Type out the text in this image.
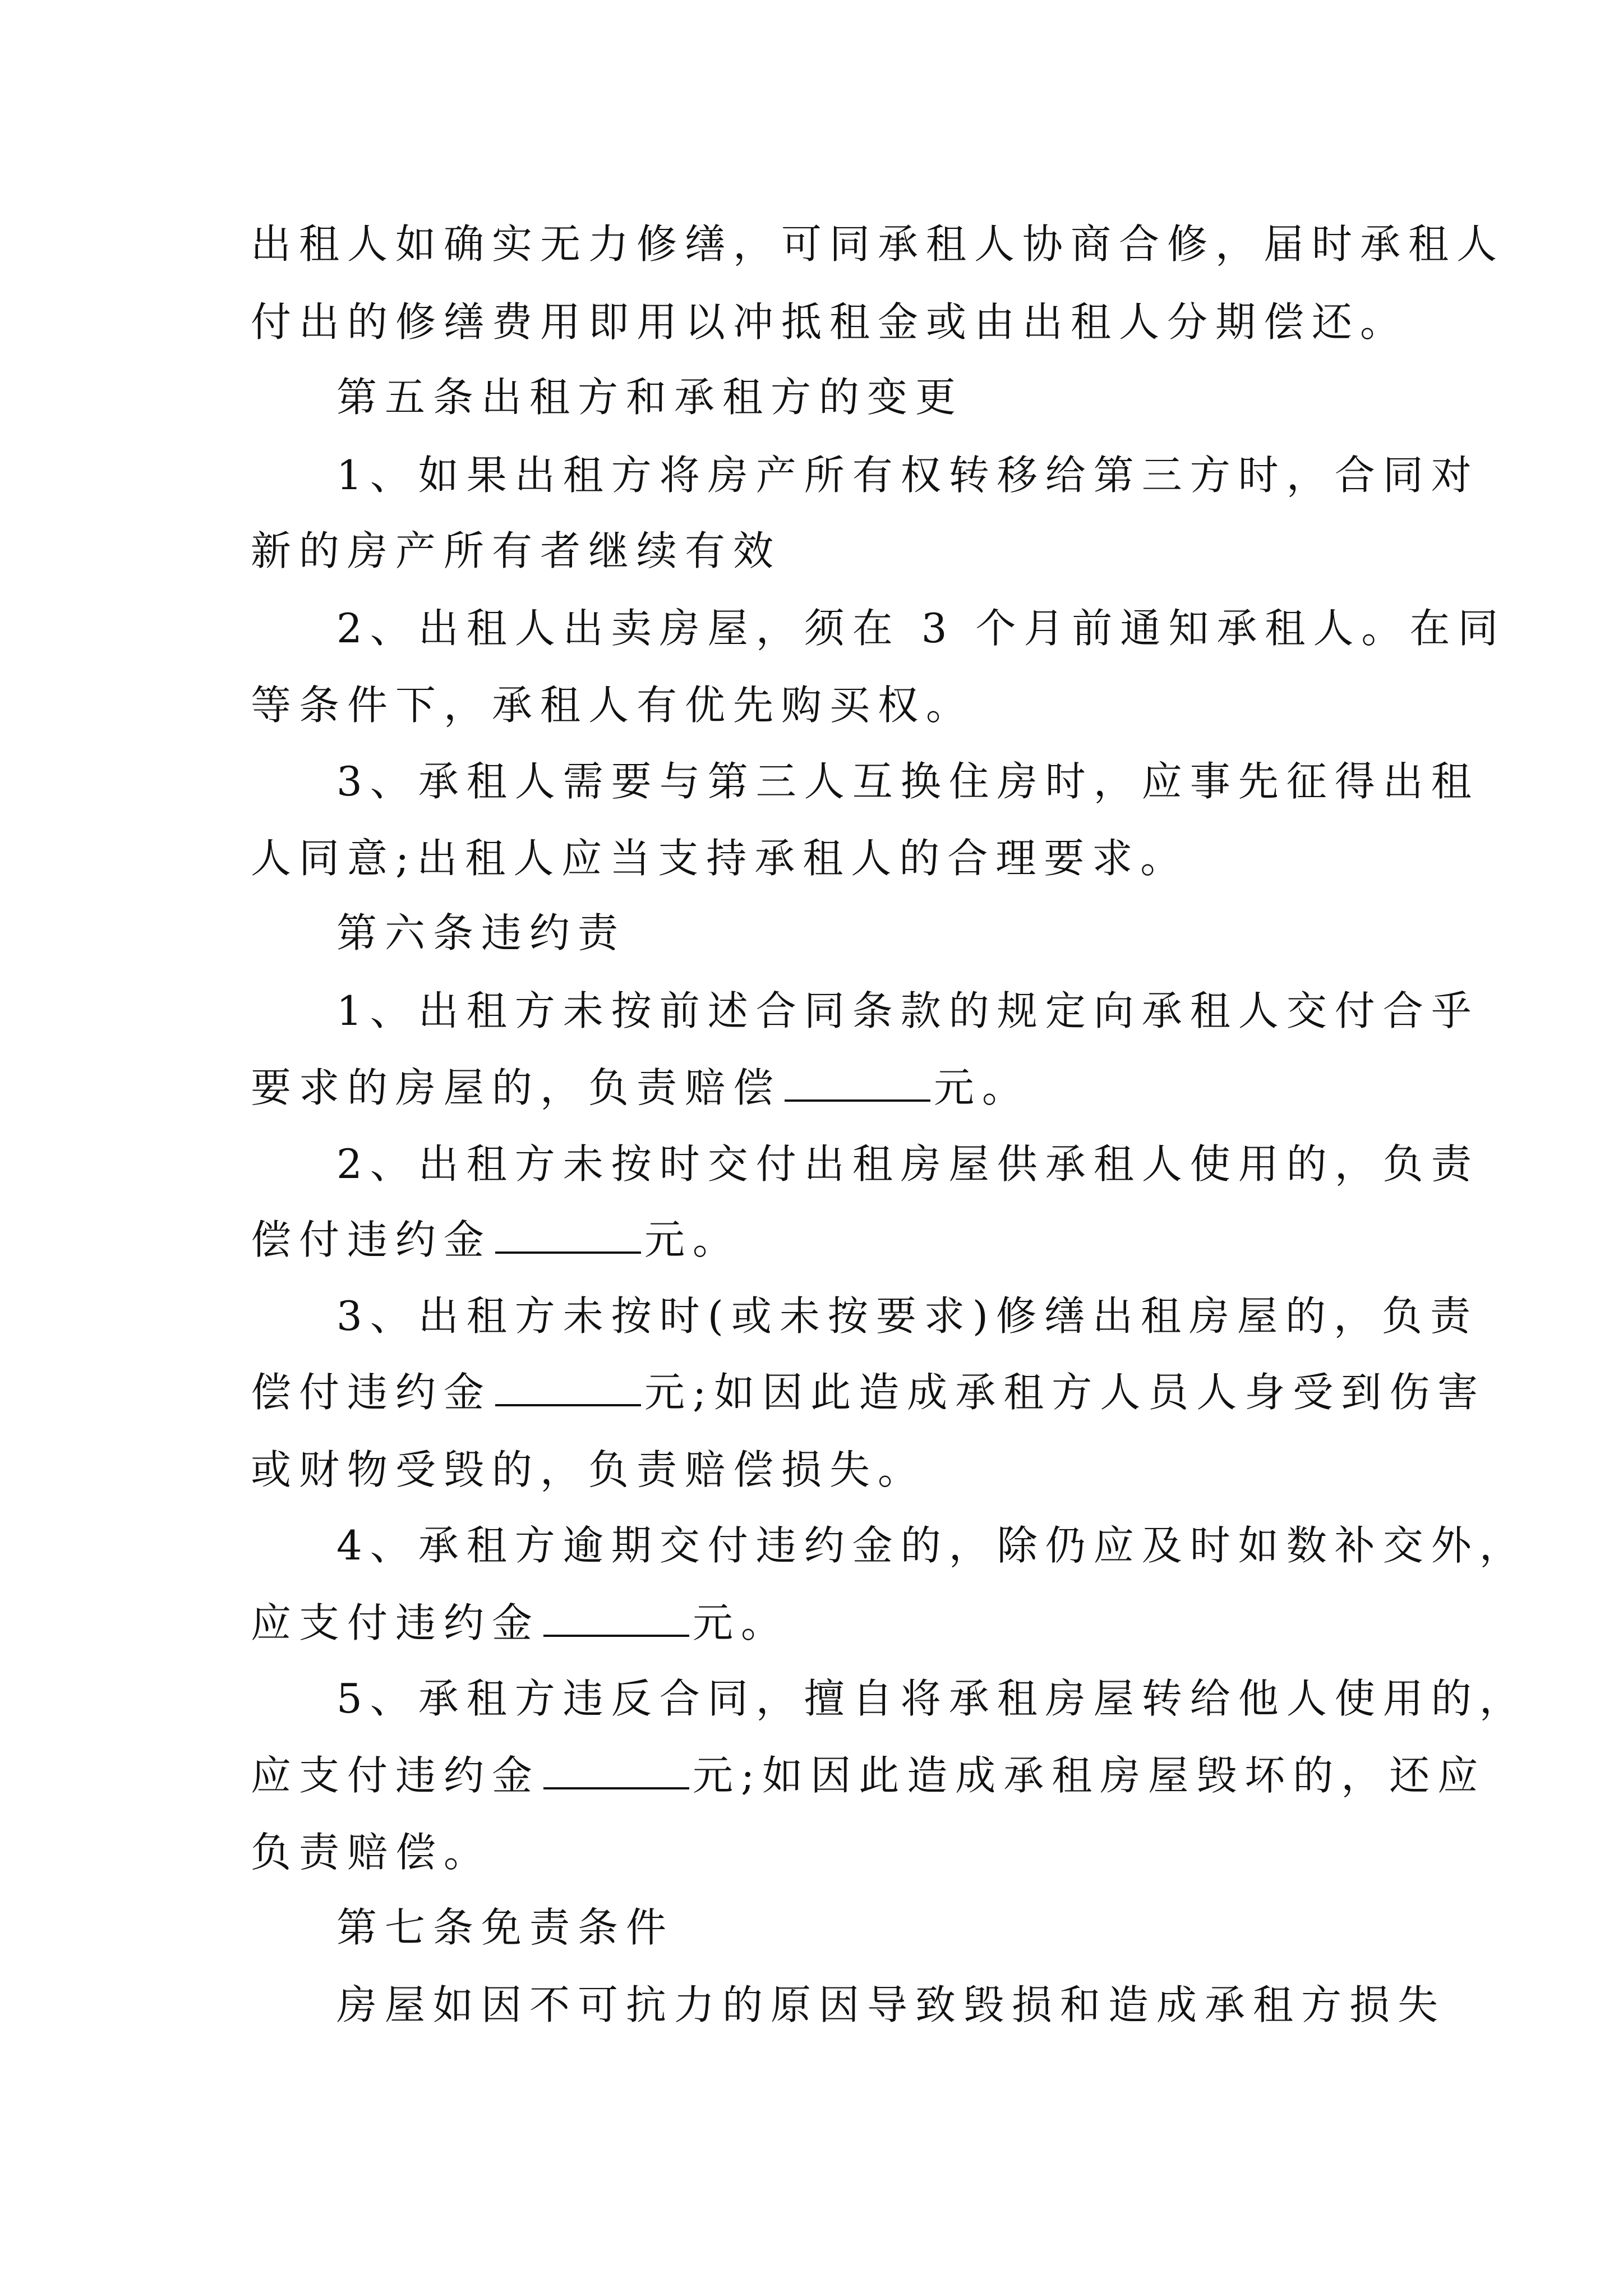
出租人如确实无力修缮，可同承租人协商合修，届时承租人
付出的修缮费用即用以冲抵租金或由出租人分期偿还。
第五条出租方和承租方的变更
1、如果出租方将房产所有权转移给第三方时，合同对
新的房产所有者继续有效
2、出租人出卖房屋，须在 3 个月前通知承租人。在同
等条件下，承租人有优先购买权。
3、承租人需要与第三人互换住房时，应事先征得出租
人同意;出租人应当支持承租人的合理要求。
第六条违约责
1、出租方未按前述合同条款的规定向承租人交付合乎
要求的房屋的，负责赔偿	元。
2、出租方未按时交付出租房屋供承租人使用的，负责
偿付违约金	元。
3、出租方未按时(或未按要求)修缮出租房屋的，负责
偿付违约金	元;如因此造成承租方人员人身受到伤害
或财物受毁的，负责赔偿损失。
4、承租方逾期交付违约金的，除仍应及时如数补交外，
应支付违约金	元。
5、承租方违反合同，擅自将承租房屋转给他人使用的，
应支付违约金	元;如因此造成承租房屋毁坏的，还应
负责赔偿。
第七条免责条件
房屋如因不可抗力的原因导致毁损和造成承租方损失
